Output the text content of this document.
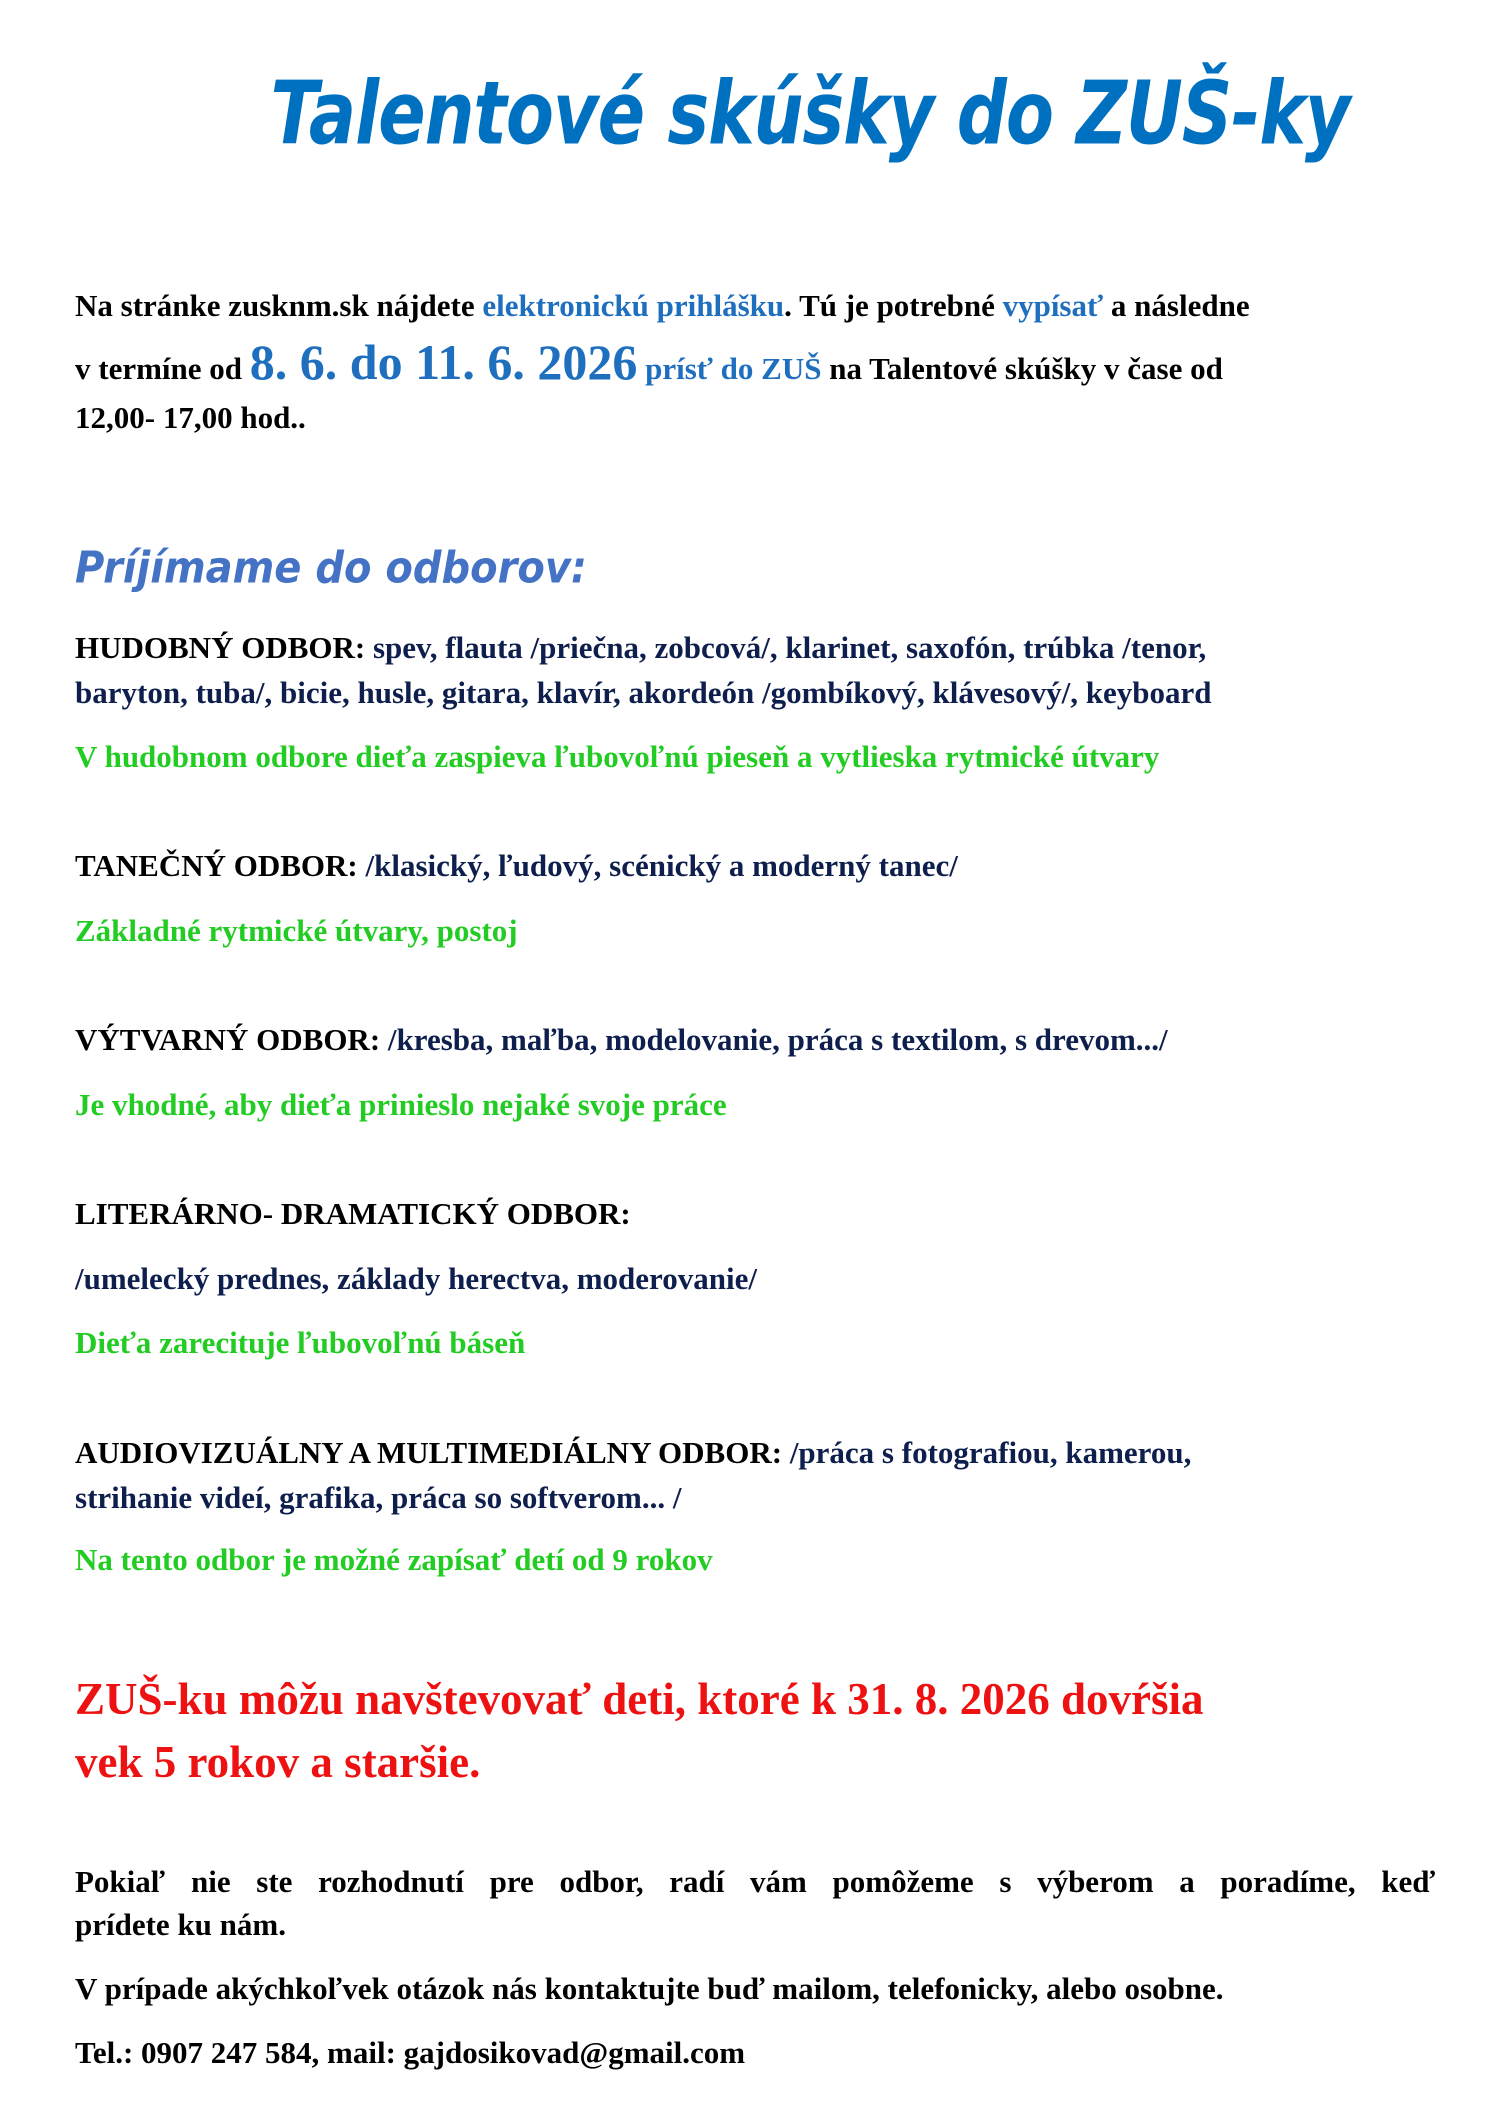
Talentové skúšky do ZUŠ-ky
Na stránke zusknm.sk nájdete elektronickú prihlášku. Tú je potrebné vypísať a následne
v termíne od 8. 6. do 11. 6. 2026 prísť do ZUŠ na Talentové skúšky v čase od
12,00- 17,00 hod..
Príjímame do odborov:
HUDOBNÝ ODBOR: spev, flauta /priečna, zobcová/, klarinet, saxofón, trúbka /tenor,
baryton, tuba/, bicie, husle, gitara, klavír, akordeón /gombíkový, klávesový/, keyboard
V hudobnom odbore dieťa zaspieva ľubovoľnú pieseň a vytlieska rytmické útvary
TANEČNÝ ODBOR: /klasický, ľudový, scénický a moderný tanec/
Základné rytmické útvary, postoj
VÝTVARNÝ ODBOR: /kresba, maľba, modelovanie, práca s textilom, s drevom.../
Je vhodné, aby dieťa prinieslo nejaké svoje práce
LITERÁRNO- DRAMATICKÝ ODBOR:
/umelecký prednes, základy herectva, moderovanie/
Dieťa zarecituje ľubovoľnú báseň
AUDIOVIZUÁLNY A MULTIMEDIÁLNY ODBOR: /práca s fotografiou, kamerou,
strihanie videí, grafika, práca so softverom... /
Na tento odbor je možné zapísať detí od 9 rokov
ZUŠ-ku môžu navštevovať deti, ktoré k 31. 8. 2026 dovŕšia
vek 5 rokov a staršie.
Pokiaľ nie ste rozhodnutí pre odbor, radí vám pomôžeme s výberom a poradíme, keď
prídete ku nám.
V prípade akýchkoľvek otázok nás kontaktujte buď mailom, telefonicky, alebo osobne.
Tel.: 0907 247 584, mail: gajdosikovad@gmail.com
